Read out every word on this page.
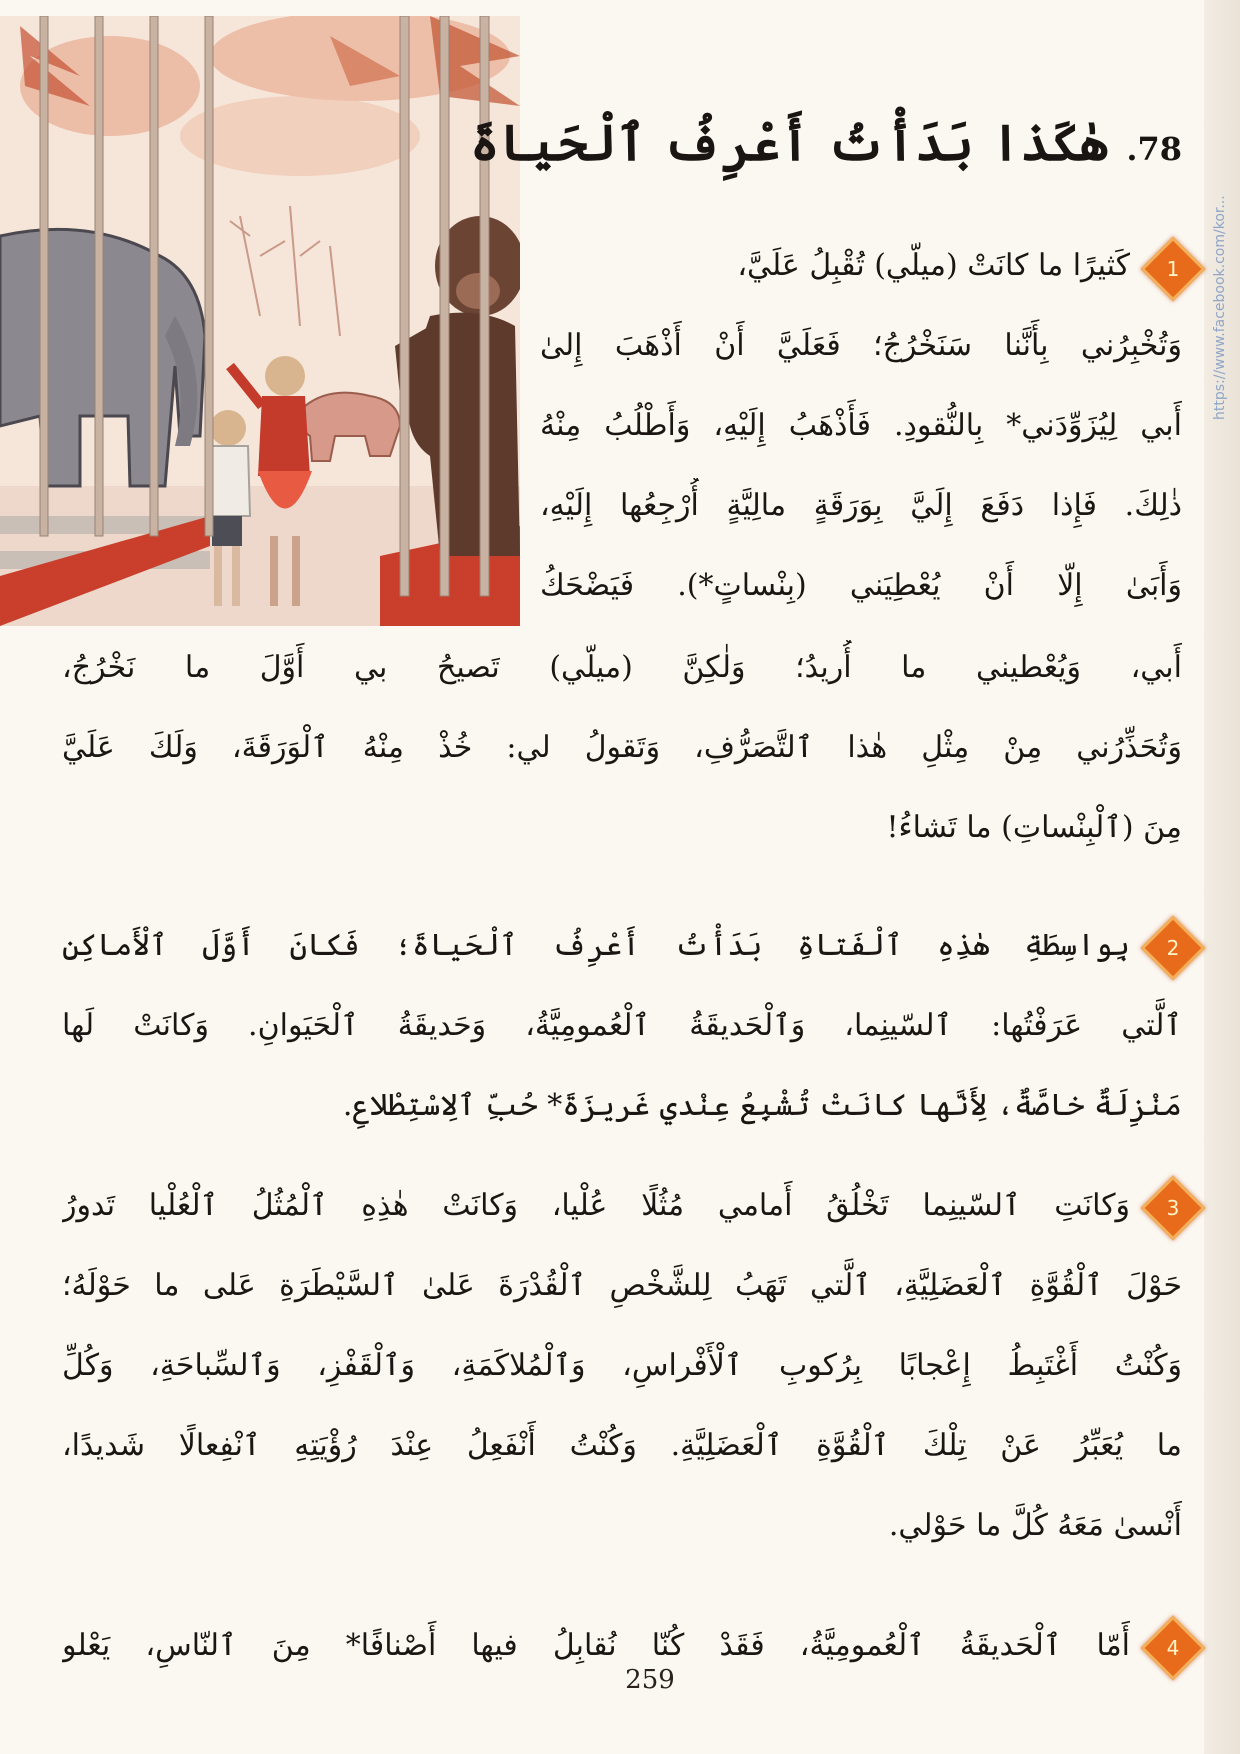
78.هٰكَذا بَدَأْتُ أَعْرِفُ ٱلْحَياةَ
1
2
3
4
كَثيرًا ما كانَتْ (ميلّي) تُقْبِلُ عَلَيَّ،
وَتُخْبِرُني بِأَنَّنا سَنَخْرُجُ؛ فَعَلَيَّ أَنْ أَذْهَبَ إِلىٰ
أَبي لِيُزَوِّدَني* بِالنُّقودِ. فَأَذْهَبُ إِلَيْهِ، وَأَطْلُبُ مِنْهُ
ذٰلِكَ. فَإِذا دَفَعَ إِلَيَّ بِوَرَقَةٍ مالِيَّةٍ أُرْجِعُها إِلَيْهِ،
وَأَبَىٰ إِلّا أَنْ يُعْطِيَني (بِنْساتٍ*). فَيَضْحَكُ
أَبي، وَيُعْطيني ما أُريدُ؛ وَلٰكِنَّ (ميلّي) تَصيحُ بي أَوَّلَ ما نَخْرُجُ،
وَتُحَذِّرُني مِنْ مِثْلِ هٰذا ٱلتَّصَرُّفِ، وَتَقولُ لي: خُذْ مِنْهُ ٱلْوَرَقَةَ، وَلَكَ عَلَيَّ
مِنَ (ٱلْبِنْساتِ) ما تَشاءُ!
بِواسِطَةِ هٰذِهِ ٱلْفَتاةِ بَدَأْتُ أَعْرِفُ ٱلْحَياةَ؛ فَكانَ أَوَّلَ ٱلْأَماكِنِ
ٱلَّتي عَرَفْتُها: ٱلسّينِما، وَٱلْحَديقَةُ ٱلْعُمومِيَّةُ، وَحَديقَةُ ٱلْحَيَوانِ. وَكانَتْ لَها
مَنْزِلَةٌ خاصَّةٌ، لِأَنَّها كانَتْ تُشْبِعُ عِنْدي غَريزَةَ* حُبِّ ٱلِاسْتِطْلاعِ.
وَكانَتِ ٱلسّينِما تَخْلُقُ أَمامي مُثُلًا عُلْيا، وَكانَتْ هٰذِهِ ٱلْمُثُلُ ٱلْعُلْيا تَدورُ
حَوْلَ ٱلْقُوَّةِ ٱلْعَضَلِيَّةِ، ٱلَّتي تَهَبُ لِلشَّخْصِ ٱلْقُدْرَةَ عَلىٰ ٱلسَّيْطَرَةِ عَلى ما حَوْلَهُ؛
وَكُنْتُ أَغْتَبِطُ إِعْجابًا بِرُكوبِ ٱلْأَفْراسِ، وَٱلْمُلاكَمَةِ، وَٱلْقَفْزِ، وَٱلسِّباحَةِ، وَكُلِّ
ما يُعَبِّرُ عَنْ تِلْكَ ٱلْقُوَّةِ ٱلْعَضَلِيَّةِ. وَكُنْتُ أَنْفَعِلُ عِنْدَ رُؤْيَتِهِ ٱنْفِعالًا شَديدًا،
أَنْسىٰ مَعَهُ كُلَّ ما حَوْلي.
أَمّا ٱلْحَديقَةُ ٱلْعُمومِيَّةُ، فَقَدْ كُنّا نُقابِلُ فيها أَصْنافًا* مِنَ ٱلنّاسِ، يَعْلو
https://www.facebook.com/kor...
259
